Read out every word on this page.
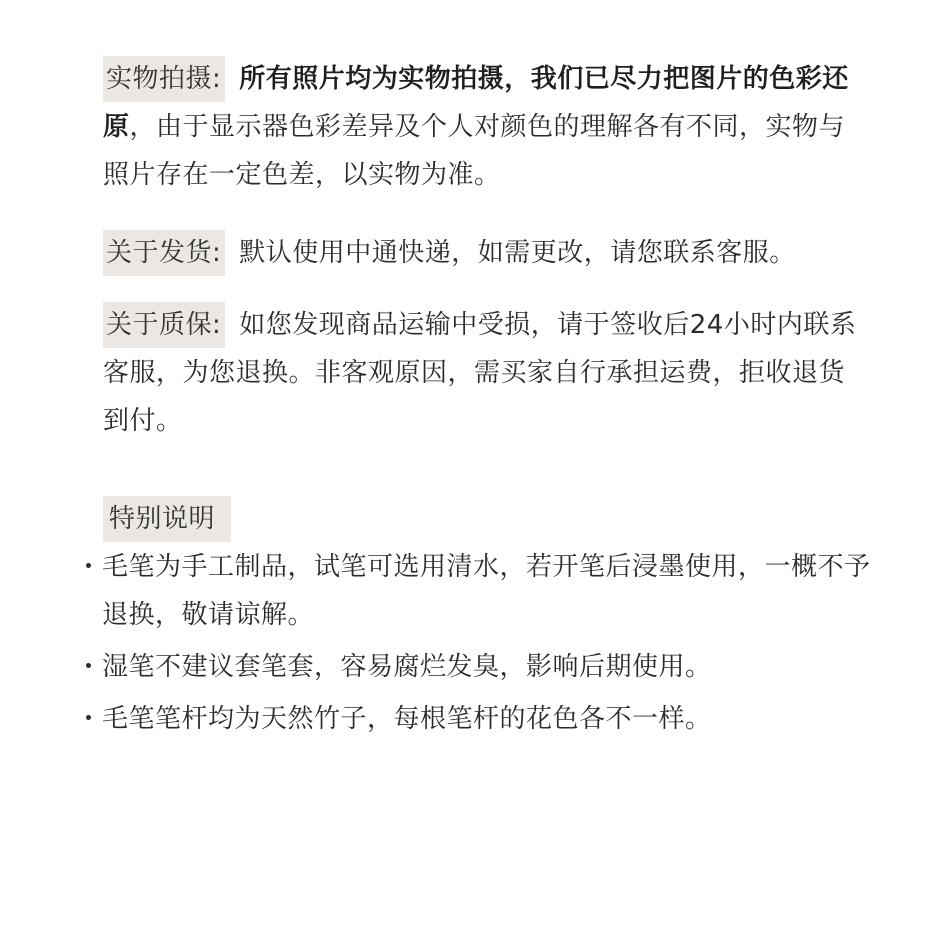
实物拍摄: 所有照片均为实物拍摄，我们已尽力把图片的色彩还原，由于显示器色彩差异及个人对颜色的理解各有不同，实物与照片存在一定色差，以实物为准。

关于发货: 默认使用中通快递，如需更改，请您联系客服。

关于质保: 如您发现商品运输中受损，请于签收后24小时内联系客服，为您退换。非客观原因，需买家自行承担运费，拒收退货到付。

特别说明
毛笔为手工制品，试笔可选用清水，若开笔后浸墨使用，一概不予退换，敬请谅解。
湿笔不建议套笔套，容易腐烂发臭，影响后期使用。
毛笔笔杆均为天然竹子，每根笔杆的花色各不一样。
